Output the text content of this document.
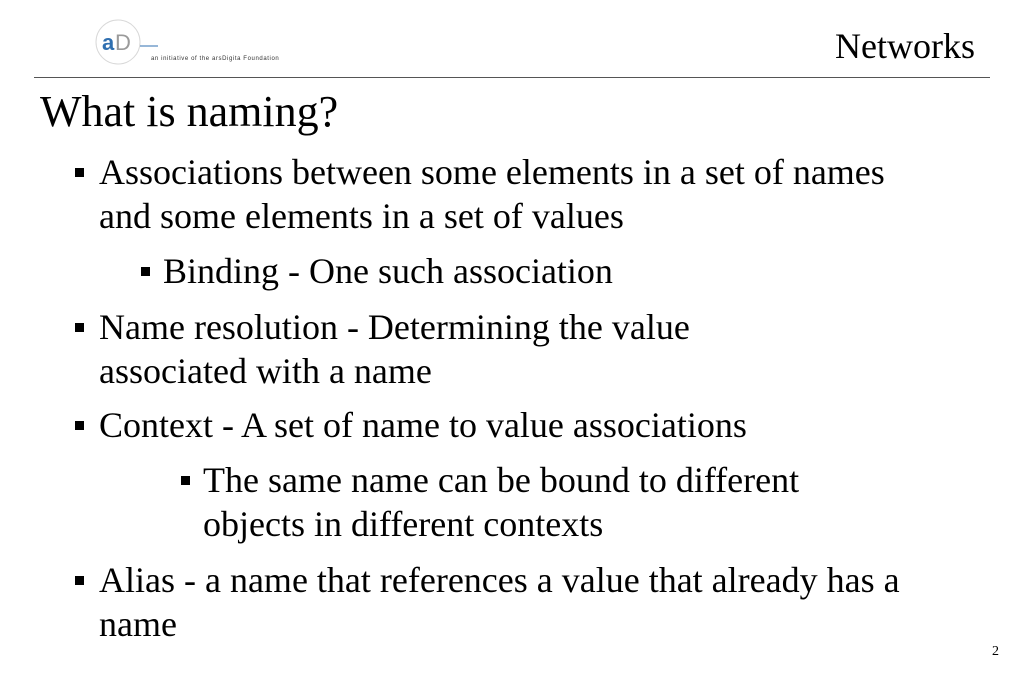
a D
an initiative of the arsDigita Foundation	Networks
What is naming?
Associations between some elements in a set of names and some elements in a set of values
Binding - One such association
Name resolution - Determining the value associated with a name
Context - A set of name to value associations
The same name can be bound to different objects in different contexts
Alias - a name that references a value that already has a name
2
